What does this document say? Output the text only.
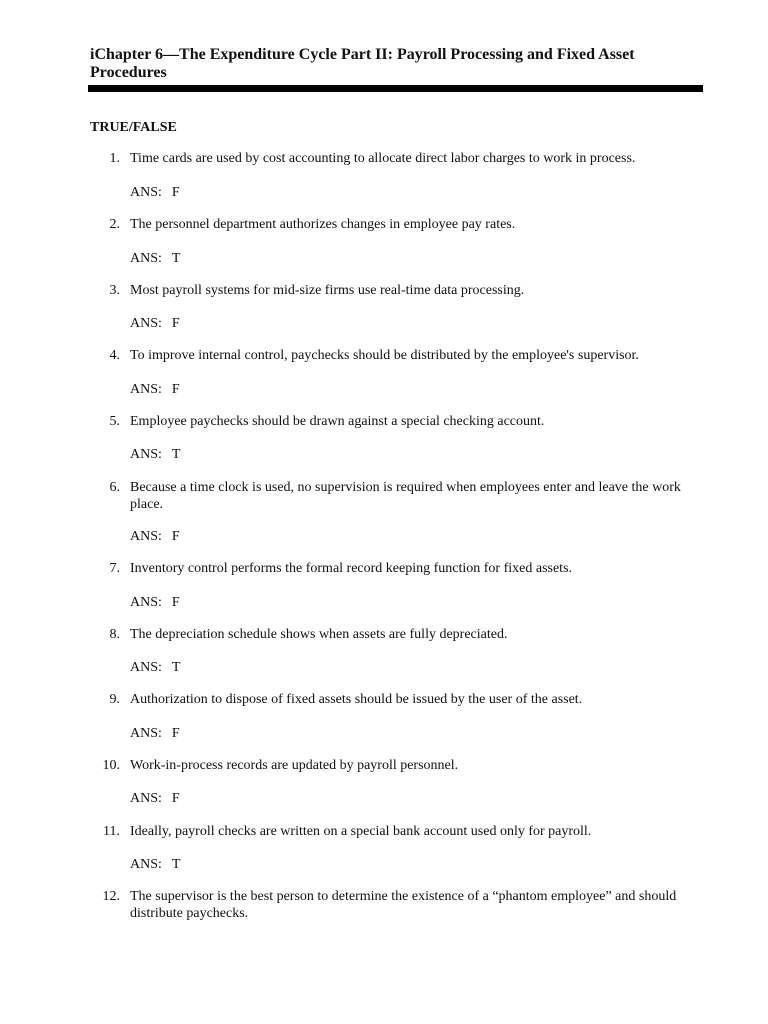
iChapter 6—The Expenditure Cycle Part II: Payroll Processing and Fixed Asset Procedures
TRUE/FALSE
1. Time cards are used by cost accounting to allocate direct labor charges to work in process.
ANS: F
2. The personnel department authorizes changes in employee pay rates.
ANS: T
3. Most payroll systems for mid-size firms use real-time data processing.
ANS: F
4. To improve internal control, paychecks should be distributed by the employee's supervisor.
ANS: F
5. Employee paychecks should be drawn against a special checking account.
ANS: T
6. Because a time clock is used, no supervision is required when employees enter and leave the work place.
ANS: F
7. Inventory control performs the formal record keeping function for fixed assets.
ANS: F
8. The depreciation schedule shows when assets are fully depreciated.
ANS: T
9. Authorization to dispose of fixed assets should be issued by the user of the asset.
ANS: F
10. Work-in-process records are updated by payroll personnel.
ANS: F
11. Ideally, payroll checks are written on a special bank account used only for payroll.
ANS: T
12. The supervisor is the best person to determine the existence of a “phantom employee” and should distribute paychecks.
